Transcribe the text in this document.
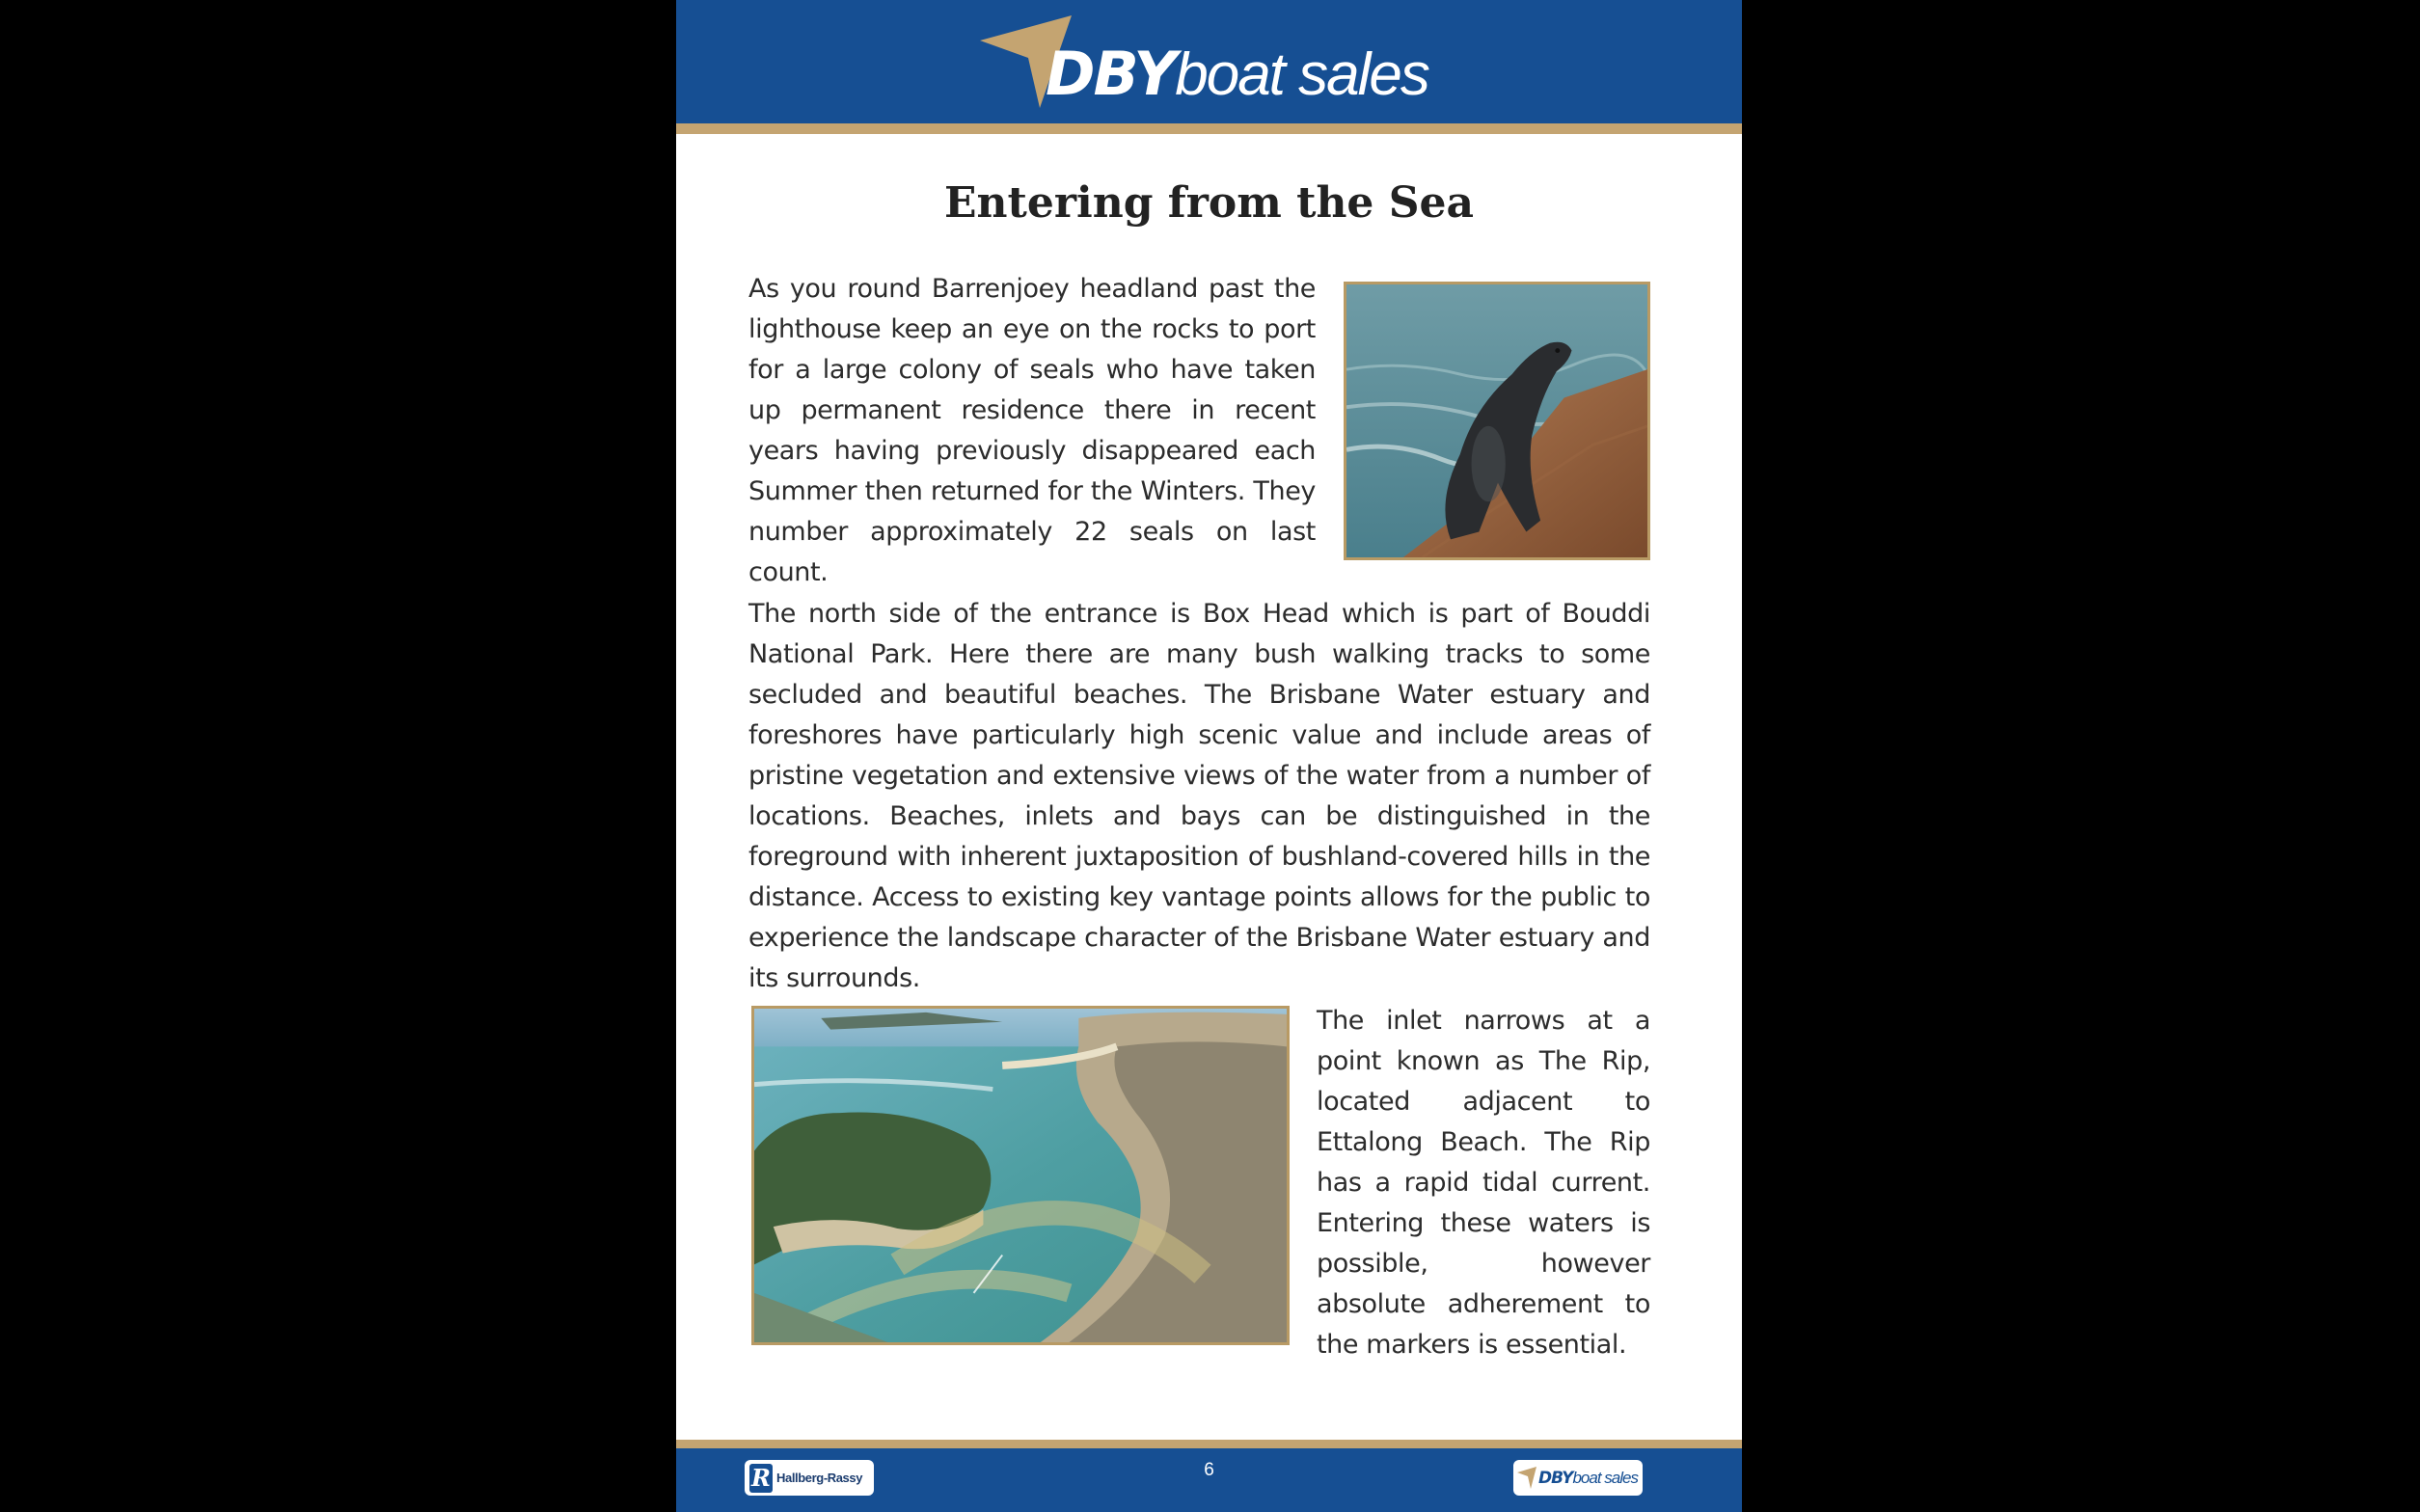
DBYboat sales
Entering from the Sea

As you round Barrenjoey headland past the lighthouse keep an eye on the rocks to port for a large colony of seals who have taken up permanent residence there in recent years having previously disappeared each Summer then returned for the Winters. They number approximately 22 seals on last count.

The north side of the entrance is Box Head which is part of Bouddi National Park. Here there are many bush walking tracks to some secluded and beautiful beaches. The Brisbane Water estuary and foreshores have particularly high scenic value and include areas of pristine vegetation and extensive views of the water from a number of locations. Beaches, inlets and bays can be distinguished in the foreground with inherent juxtaposition of bushland-covered hills in the distance. Access to existing key vantage points allows for the public to experience the landscape character of the Brisbane Water estuary and its surrounds.

The inlet narrows at a point known as The Rip, located adjacent to Ettalong Beach. The Rip has a rapid tidal current. Entering these waters is possible, however absolute adherement to the markers is essential.

6
R Hallberg-Rassy	DBY boat sales
